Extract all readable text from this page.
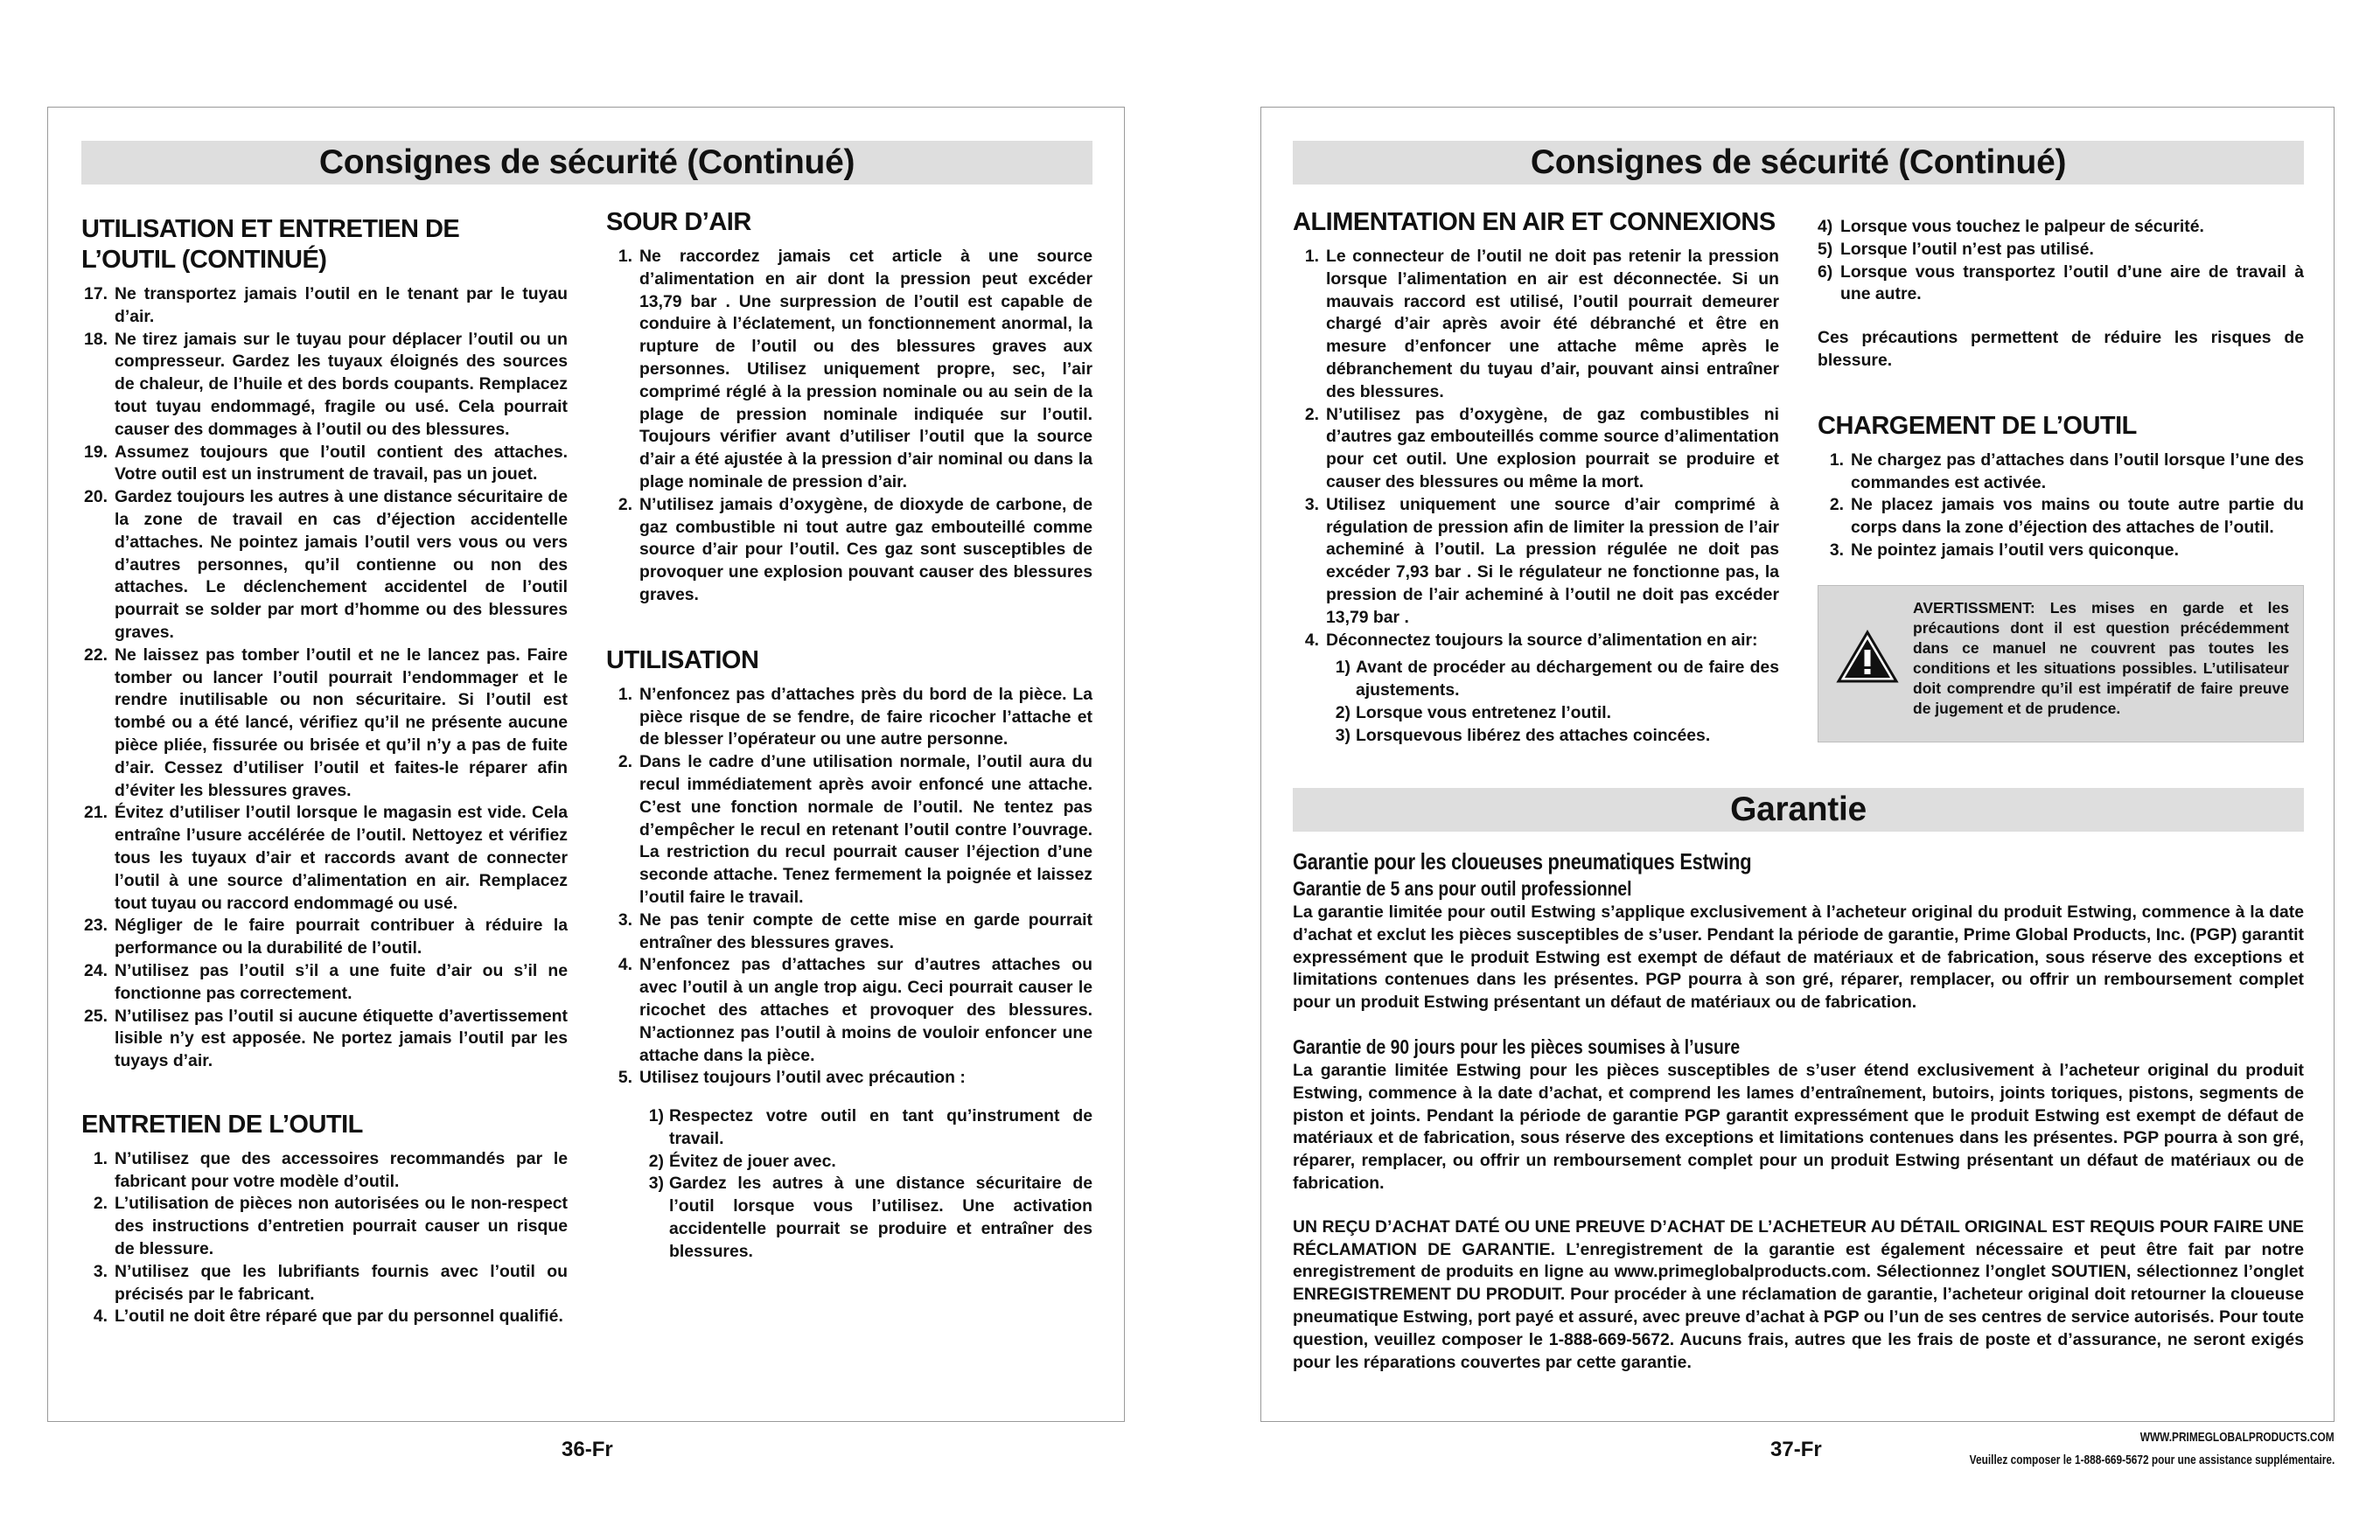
Consignes de sécurité (Continué)
UTILISATION ET ENTRETIEN DE L’OUTIL (CONTINUÉ)
17. Ne transportez jamais l’outil en le tenant par le tuyau d’air.
18. Ne tirez jamais sur le tuyau pour déplacer l’outil ou un compresseur. Gardez les tuyaux éloignés des sources de chaleur, de l’huile et des bords coupants. Remplacez tout tuyau endommagé, fragile ou usé. Cela pourrait causer des dommages à l’outil ou des blessures.
19. Assumez toujours que l’outil contient des attaches. Votre outil est un instrument de travail, pas un jouet.
20. Gardez toujours les autres à une distance sécuritaire de la zone de travail en cas d’éjection accidentelle d’attaches. Ne pointez jamais l’outil vers vous ou vers d’autres personnes, qu’il contienne ou non des attaches. Le déclenchement accidentel de l’outil pourrait se solder par mort d’homme ou des blessures graves.
22. Ne laissez pas tomber l’outil et ne le lancez pas. Faire tomber ou lancer l’outil pourrait l’endommager et le rendre inutilisable ou non sécuritaire. Si l’outil est tombé ou a été lancé, vérifiez qu’il ne présente aucune pièce pliée, fissurée ou brisée et qu’il n’y a pas de fuite d’air. Cessez d’utiliser l’outil et faites-le réparer afin d’éviter les blessures graves.
21. Évitez d’utiliser l’outil lorsque le magasin est vide. Cela entraîne l’usure accélérée de l’outil. Nettoyez et vérifiez tous les tuyaux d’air et raccords avant de connecter l’outil à une source d’alimentation en air. Remplacez tout tuyau ou raccord endommagé ou usé.
23. Négliger de le faire pourrait contribuer à réduire la performance ou la durabilité de l’outil.
24. N’utilisez pas l’outil s’il a une fuite d’air ou s’il ne fonctionne pas correctement.
25. N’utilisez pas l’outil si aucune étiquette d’avertissement lisible n’y est apposée. Ne portez jamais l’outil par les tuyays d’air.
ENTRETIEN DE L’OUTIL
1. N’utilisez que des accessoires recommandés par le fabricant pour votre modèle d’outil.
2. L’utilisation de pièces non autorisées ou le non-respect des instructions d’entretien pourrait causer un risque de blessure.
3. N’utilisez que les lubrifiants fournis avec l’outil ou précisés par le fabricant.
4. L’outil ne doit être réparé que par du personnel qualifié.
SOUR D’AIR
1. Ne raccordez jamais cet article à une source d’alimentation en air dont la pression peut excéder 13,79 bar . Une surpression de l’outil est capable de conduire à l’éclatement, un fonctionnement anormal, la rupture de l’outil ou des blessures graves aux personnes. Utilisez uniquement propre, sec, l’air comprimé réglé à la pression nominale ou au sein de la plage de pression nominale indiquée sur l’outil. Toujours vérifier avant d’utiliser l’outil que la source d’air a été ajustée à la pression d’air nominal ou dans la plage nominale de pression d’air.
2. N’utilisez jamais d’oxygène, de dioxyde de carbone, de gaz combustible ni tout autre gaz embouteillé comme source d’air pour l’outil. Ces gaz sont susceptibles de provoquer une explosion pouvant causer des blessures graves.
UTILISATION
1. N’enfoncez pas d’attaches près du bord de la pièce. La pièce risque de se fendre, de faire ricocher l’attache et de blesser l’opérateur ou une autre personne.
2. Dans le cadre d’une utilisation normale, l’outil aura du recul immédiatement après avoir enfoncé une attache. C’est une fonction normale de l’outil. Ne tentez pas d’empêcher le recul en retenant l’outil contre l’ouvrage. La restriction du recul pourrait causer l’éjection d’une seconde attache. Tenez fermement la poignée et laissez l’outil faire le travail.
3. Ne pas tenir compte de cette mise en garde pourrait entraîner des blessures graves.
4. N’enfoncez pas d’attaches sur d’autres attaches ou avec l’outil à un angle trop aigu. Ceci pourrait causer le ricochet des attaches et provoquer des blessures. N’actionnez pas l’outil à moins de vouloir enfoncer une attache dans la pièce.
5. Utilisez toujours l’outil avec précaution :
1) Respectez votre outil en tant qu’instrument de travail.
2) Évitez de jouer avec.
3) Gardez les autres à une distance sécuritaire de l’outil lorsque vous l’utilisez. Une activation accidentelle pourrait se produire et entraîner des blessures.
36-Fr
Consignes de sécurité (Continué)
ALIMENTATION EN AIR ET CONNEXIONS
1. Le connecteur de l’outil ne doit pas retenir la pression lorsque l’alimentation en air est déconnectée. Si un mauvais raccord est utilisé, l’outil pourrait demeurer chargé d’air après avoir été débranché et être en mesure d’enfoncer une attache même après le débranchement du tuyau d’air, pouvant ainsi entraîner des blessures.
2. N’utilisez pas d’oxygène, de gaz combustibles ni d’autres gaz embouteillés comme source d’alimentation pour cet outil. Une explosion pourrait se produire et causer des blessures ou même la mort.
3. Utilisez uniquement une source d’air comprimé à régulation de pression afin de limiter la pression de l’air acheminé à l’outil. La pression régulée ne doit pas excéder 7,93 bar . Si le régulateur ne fonctionne pas, la pression de l’air acheminé à l’outil ne doit pas excéder 13,79 bar .
4. Déconnectez toujours la source d’alimentation en air:
1) Avant de procéder au déchargement ou de faire des ajustements.
2) Lorsque vous entretenez l’outil.
3) Lorsquevous libérez des attaches coincées.
4) Lorsque vous touchez le palpeur de sécurité.
5) Lorsque l’outil n’est pas utilisé.
6) Lorsque vous transportez l’outil d’une aire de travail à une autre.

Ces précautions permettent de réduire les risques de blessure.

CHARGEMENT DE L’OUTIL
1. Ne chargez pas d’attaches dans l’outil lorsque l’une des commandes est activée.
2. Ne placez jamais vos mains ou toute autre partie du corps dans la zone d’éjection des attaches de l’outil.
3. Ne pointez jamais l’outil vers quiconque.
AVERTISSMENT: Les mises en garde et les précautions dont il est question précédemment dans ce manuel ne couvrent pas toutes les conditions et les situations possibles. L’utilisateur doit comprendre qu’il est impératif de faire preuve de jugement et de prudence.
Garantie
Garantie pour les cloueuses pneumatiques Estwing
Garantie de 5 ans pour outil professionnel

La garantie limitée pour outil Estwing s’applique exclusivement à l’acheteur original du produit Estwing, commence à la date d’achat et exclut les pièces susceptibles de s’user. Pendant la période de garantie, Prime Global Products, Inc. (PGP) garantit expressément que le produit Estwing est exempt de défaut de matériaux et de fabrication, sous réserve des exceptions et limitations contenues dans les présentes. PGP pourra à son gré, réparer, remplacer, ou offrir un remboursement complet pour un produit Estwing présentant un défaut de matériaux ou de fabrication.

Garantie de 90 jours pour les pièces soumises à l’usure

La garantie limitée Estwing pour les pièces susceptibles de s’user étend exclusivement à l’acheteur original du produit Estwing, commence à la date d’achat, et comprend les lames d’entraînement, butoirs, joints toriques, pistons, segments de piston et joints. Pendant la période de garantie PGP garantit expressément que le produit Estwing est exempt de défaut de matériaux et de fabrication, sous réserve des exceptions et limitations contenues dans les présentes. PGP pourra à son gré, réparer, remplacer, ou offrir un remboursement complet pour un produit Estwing présentant un défaut de matériaux ou de fabrication.

UN REÇU D’ACHAT DATÉ OU UNE PREUVE D’ACHAT DE L’ACHETEUR AU DÉTAIL ORIGINAL EST REQUIS POUR FAIRE UNE RÉCLAMATION DE GARANTIE. L’enregistrement de la garantie est également nécessaire et peut être fait par notre enregistrement de produits en ligne au www.primeglobalproducts.com. Sélectionnez l’onglet SOUTIEN, sélectionnez l’onglet ENREGISTREMENT DU PRODUIT. Pour procéder à une réclamation de garantie, l’acheteur original doit retourner la cloueuse pneumatique Estwing, port payé et assuré, avec preuve d’achat à PGP ou l’un de ses centres de service autorisés. Pour toute question, veuillez composer le 1-888-669-5672. Aucuns frais, autres que les frais de poste et d’assurance, ne seront exigés pour les réparations couvertes par cette garantie.

37-Fr	WWW.PRIMEGLOBALPRODUCTS.COM
Veuillez composer le 1-888-669-5672 pour une assistance supplémentaire.
